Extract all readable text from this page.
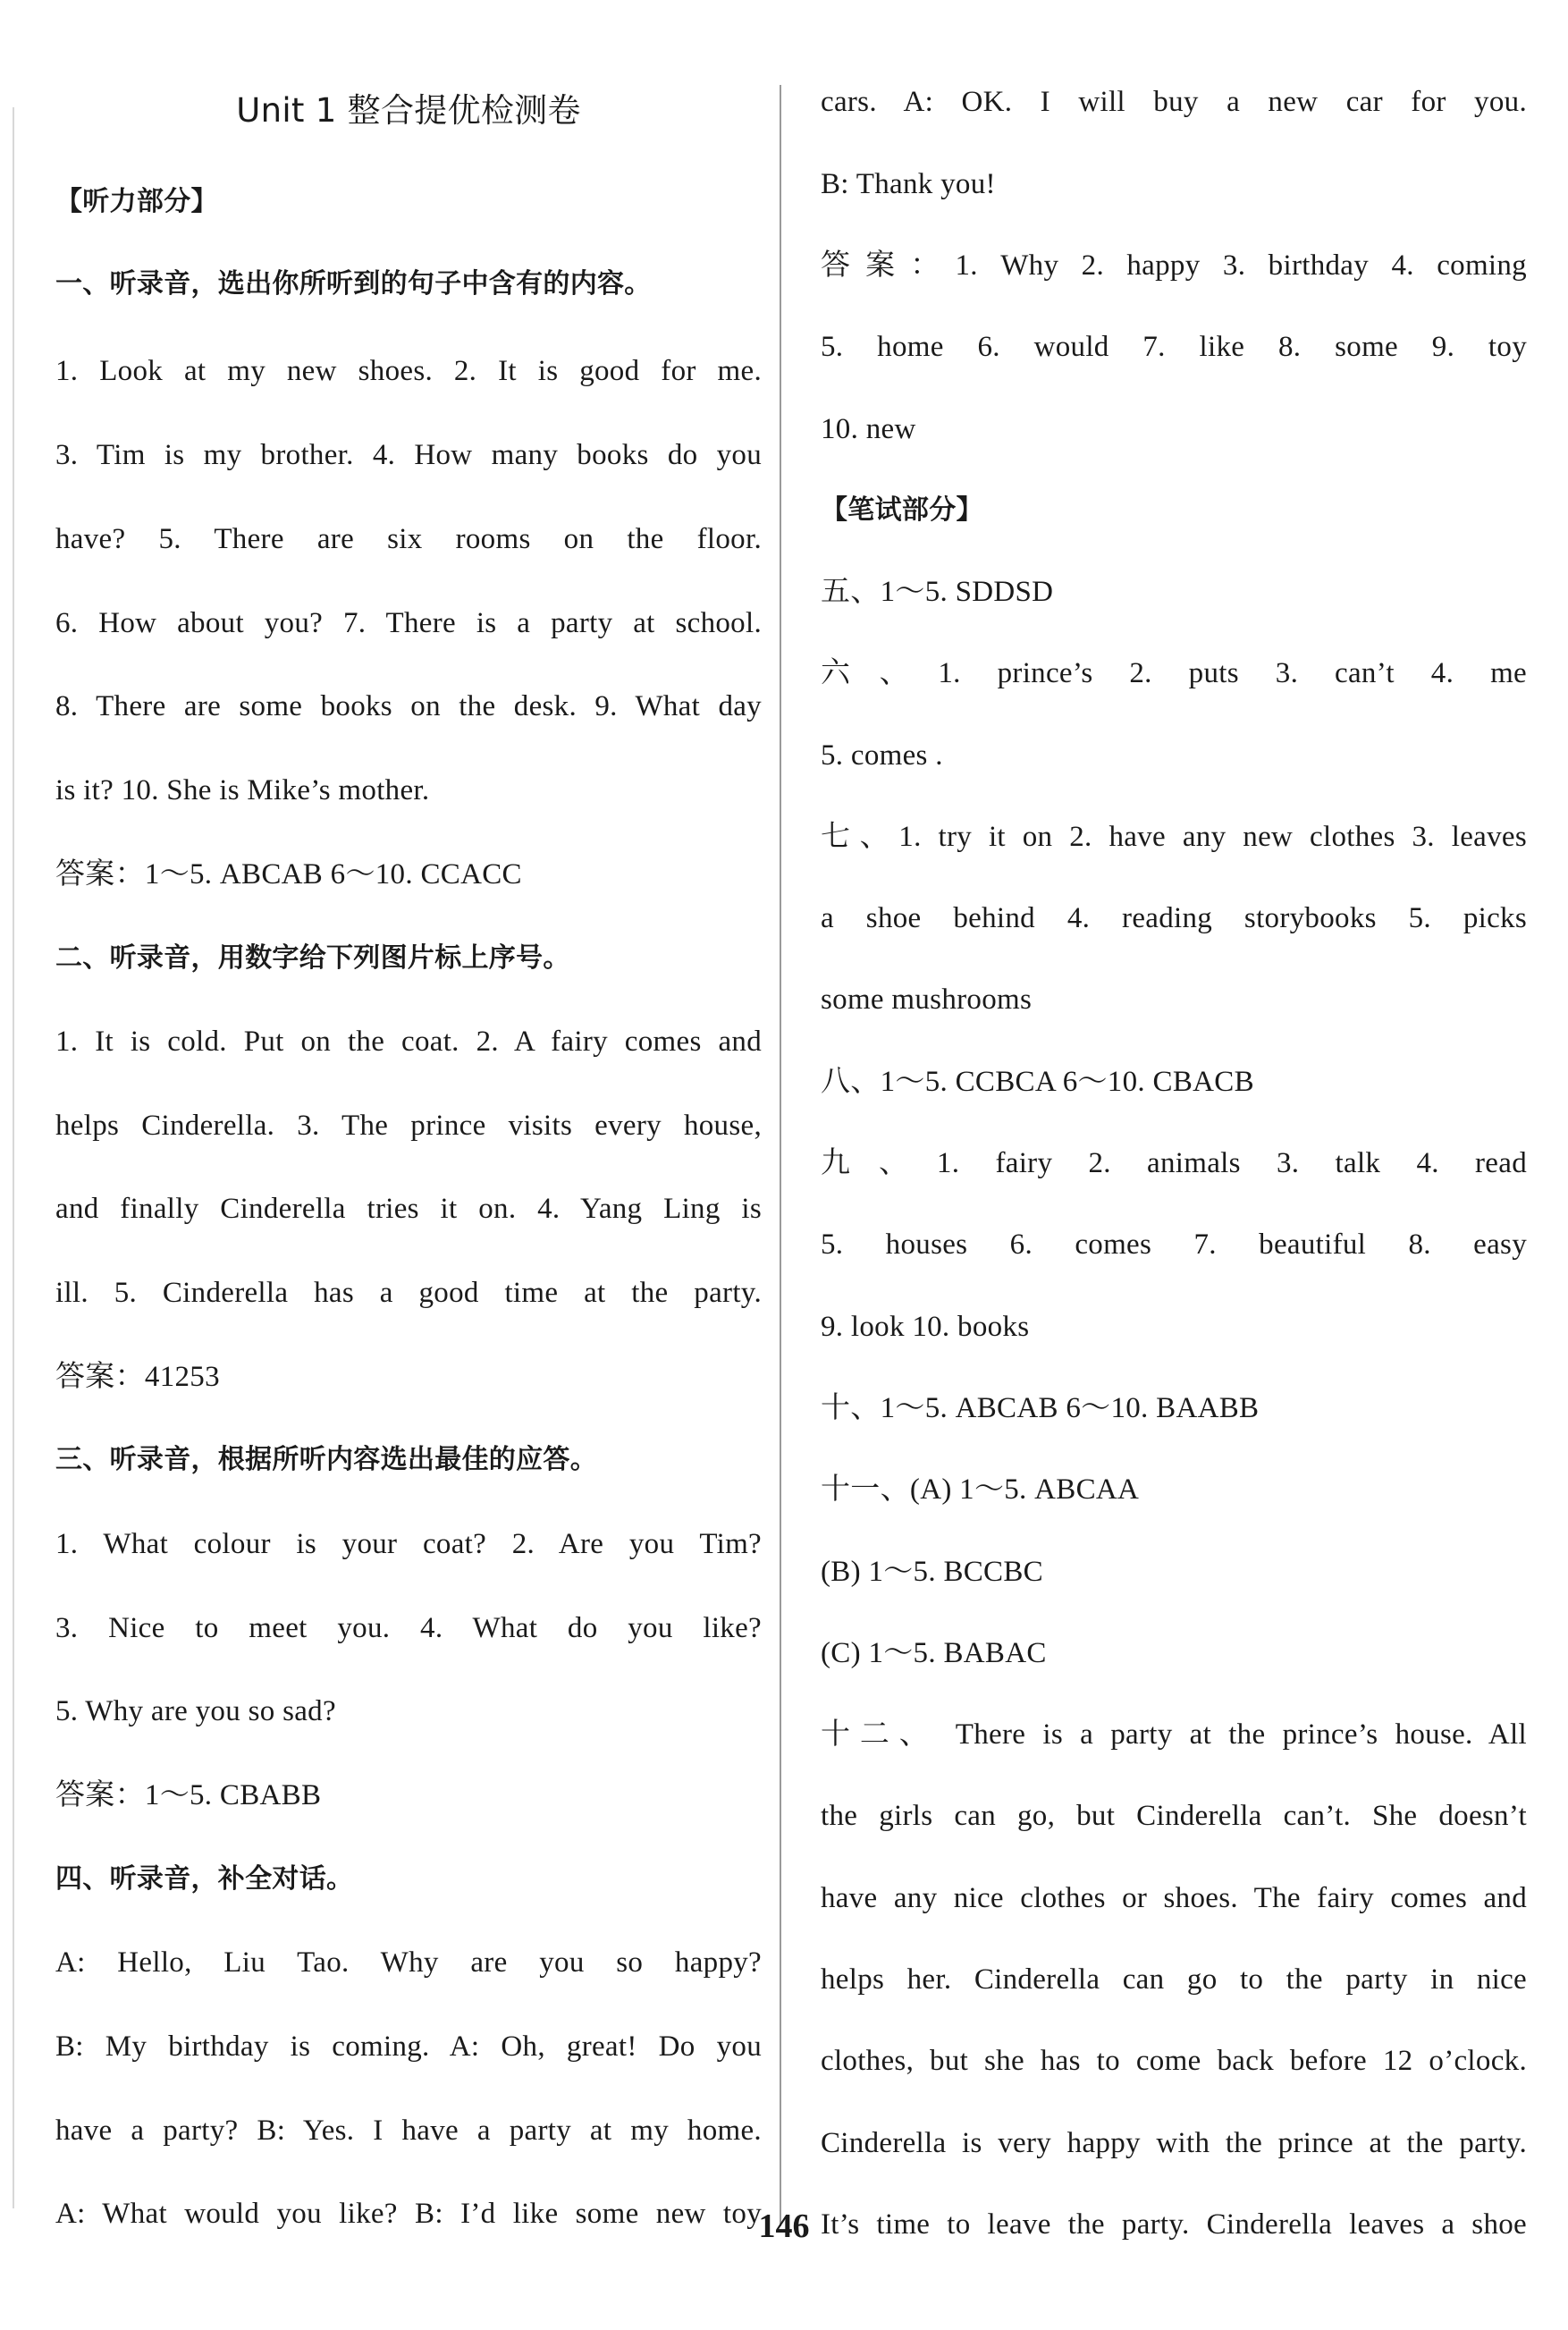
Unit 1 整合提优检测卷
【听力部分】
一、听录音，选出你所听到的句子中含有的内容。
1. Look at my new shoes. 2. It is good for me.
3. Tim is my brother. 4. How many books do you
have? 5. There are six rooms on the floor.
6. How about you? 7. There is a party at school.
8. There are some books on the desk. 9. What day
is it? 10. She is Mike’s mother.
答案：1～5. ABCAB 6～10. CCACC
二、听录音，用数字给下列图片标上序号。
1. It is cold. Put on the coat. 2. A fairy comes and
helps Cinderella. 3. The prince visits every house,
and finally Cinderella tries it on. 4. Yang Ling is
ill. 5. Cinderella has a good time at the party.
答案：41253
三、听录音，根据所听内容选出最佳的应答。
1. What colour is your coat? 2. Are you Tim?
3. Nice to meet you. 4. What do you like?
5. Why are you so sad?
答案：1～5. CBABB
四、听录音，补全对话。
A: Hello, Liu Tao. Why are you so happy?
B: My birthday is coming. A: Oh, great! Do you
have a party? B: Yes. I have a party at my home.
A: What would you like? B: I’d like some new toy
cars. A: OK. I will buy a new car for you.
B: Thank you!
答案：1. Why 2. happy 3. birthday 4. coming
5. home 6. would 7. like 8. some 9. toy
10. new
【笔试部分】
五、1～5. SDDSD
六、1. prince’s 2. puts 3. can’t 4. me
5. comes .
七、1. try it on 2. have any new clothes 3. leaves
a shoe behind 4. reading storybooks 5. picks
some mushrooms
八、1～5. CCBCA 6～10. CBACB
九、1. fairy 2. animals 3. talk 4. read
5. houses 6. comes 7. beautiful 8. easy
9. look 10. books
十、1～5. ABCAB 6～10. BAABB
十一、(A) 1～5. ABCAA
(B) 1～5. BCCBC
(C) 1～5. BABAC
十二、 There is a party at the prince’s house. All
the girls can go, but Cinderella can’t. She doesn’t
have any nice clothes or shoes. The fairy comes and
helps her. Cinderella can go to the party in nice
clothes, but she has to come back before 12 o’clock.
Cinderella is very happy with the prince at the party.
It’s time to leave the party. Cinderella leaves a shoe
146
